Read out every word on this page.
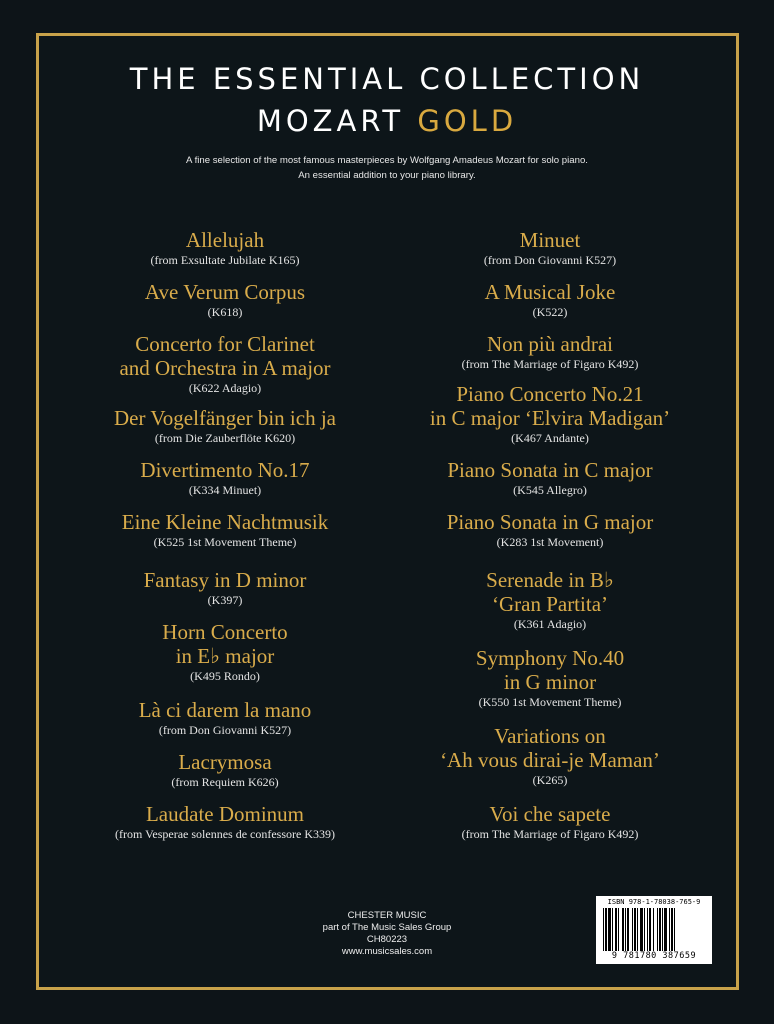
THE ESSENTIAL COLLECTION
MOZART GOLD
A fine selection of the most famous masterpieces by Wolfgang Amadeus Mozart for solo piano.
An essential addition to your piano library.
Allelujah
(from Exsultate Jubilate K165)
Ave Verum Corpus
(K618)
Concerto for Clarinet
and Orchestra in A major
(K622 Adagio)
Der Vogelfänger bin ich ja
(from Die Zauberflöte K620)
Divertimento No.17
(K334 Minuet)
Eine Kleine Nachtmusik
(K525 1st Movement Theme)
Fantasy in D minor
(K397)
Horn Concerto
in E♭ major
(K495 Rondo)
Là ci darem la mano
(from Don Giovanni K527)
Lacrymosa
(from Requiem K626)
Laudate Dominum
(from Vesperae solennes de confessore K339)
Minuet
(from Don Giovanni K527)
A Musical Joke
(K522)
Non più andrai
(from The Marriage of Figaro K492)
Piano Concerto No.21
in C major ‘Elvira Madigan’
(K467 Andante)
Piano Sonata in C major
(K545 Allegro)
Piano Sonata in G major
(K283 1st Movement)
Serenade in B♭
‘Gran Partita’
(K361 Adagio)
Symphony No.40
in G minor
(K550 1st Movement Theme)
Variations on
‘Ah vous dirai-je Maman’
(K265)
Voi che sapete
(from The Marriage of Figaro K492)
CHESTER MUSIC
part of The Music Sales Group
CH80223
www.musicsales.com
ISBN 978-1-78038-765-9
9 781780 387659
